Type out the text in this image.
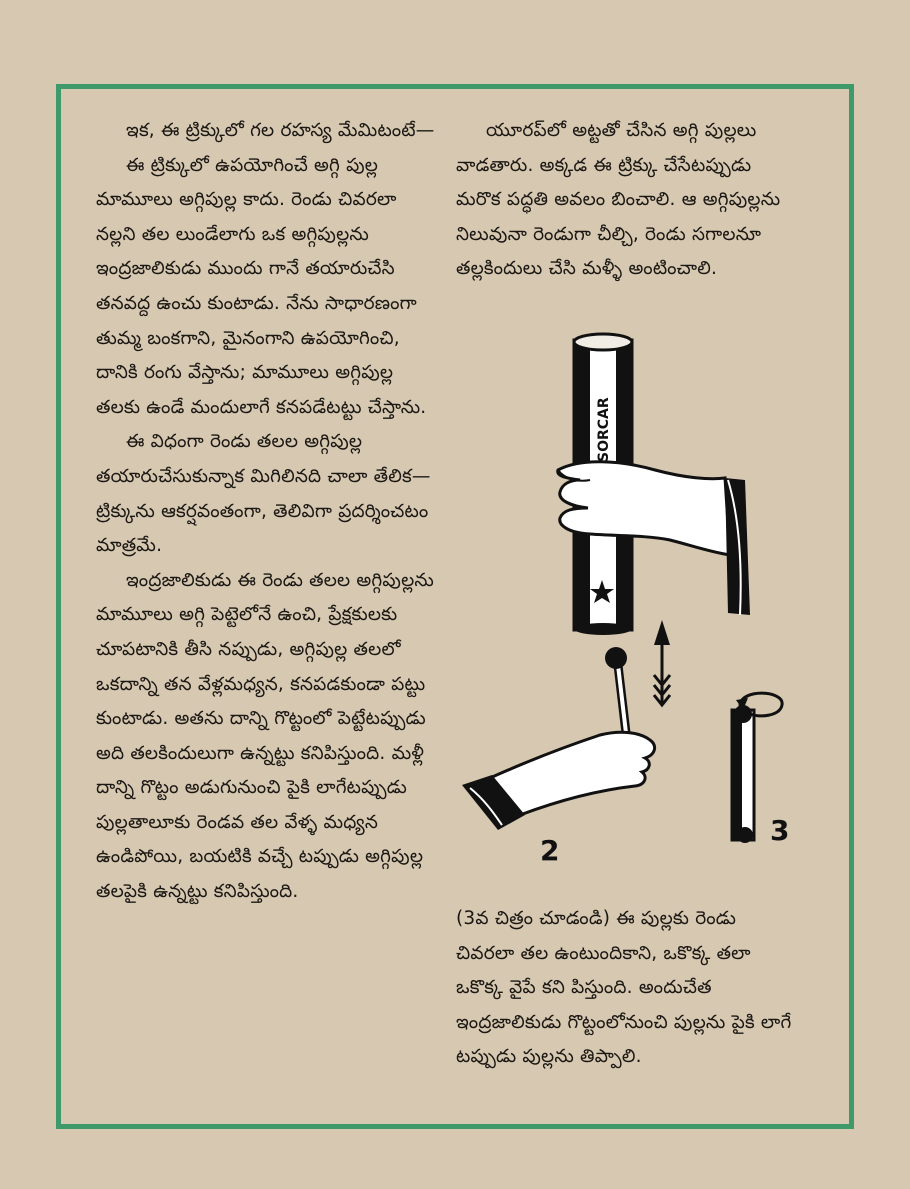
ఇక, ఈ ట్రిక్కులో గల రహస్య మేమిటంటే—

ఈ ట్రిక్కులో ఉపయోగించే అగ్గి పుల్ల మామూలు అగ్గిపుల్ల కాదు. రెండు చివరలా నల్లని తల లుండేలాగు ఒక అగ్గిపుల్లను ఇంద్రజాలికుడు ముందు గానే తయారుచేసి తనవద్ద ఉంచు కుంటాడు. నేను సాధారణంగా తుమ్మ బంకగాని, మైనంగాని ఉపయోగించి, దానికి రంగు వేస్తాను; మామూలు అగ్గిపుల్ల తలకు ఉండే మందులాగే కనపడేటట్టు చేస్తాను.

ఈ విధంగా రెండు తలల అగ్గిపుల్ల తయారుచేసుకున్నాక మిగిలినది చాలా తేలిక—ట్రిక్కును ఆకర్షవంతంగా, తెలివిగా ప్రదర్శించటం మాత్రమే.

ఇంద్రజాలికుడు ఈ రెండు తలల అగ్గిపుల్లను మామూలు అగ్గి పెట్టెలోనే ఉంచి, ప్రేక్షకులకు చూపటానికి తీసి నప్పుడు, అగ్గిపుల్ల తలలో ఒకదాన్ని తన వేళ్లమధ్యన, కనపడకుండా పట్టు కుంటాడు. అతను దాన్ని గొట్టంలో పెట్టేటప్పుడు అది తలకిందులుగా ఉన్నట్టు కనిపిస్తుంది. మళ్లీ దాన్ని గొట్టం అడుగునుంచి పైకి లాగేటప్పుడు పుల్లతాలూకు రెండవ తల వేళ్ళ మధ్యన ఉండిపోయి, బయటికి వచ్చే టప్పుడు అగ్గిపుల్ల తలపైకి ఉన్నట్టు కనిపిస్తుంది.

యూరప్‌లో అట్టతో చేసిన అగ్గి పుల్లలు వాడతారు. అక్కడ ఈ ట్రిక్కు చేసేటప్పుడు మరొక పద్ధతి అవలం బించాలి. ఆ అగ్గిపుల్లను నిలువునా రెండుగా చీల్చి, రెండు సగాలనూ తల్లకిందులు చేసి మళ్ళీ అంటించాలి.

SORCAR
2
3

(3వ చిత్రం చూడండి) ఈ పుల్లకు రెండు చివరలా తల ఉంటుందికాని, ఒకొక్క తలా ఒకొక్క వైపే కని పిస్తుంది. అందుచేత ఇంద్రజాలికుడు గొట్టంలోనుంచి పుల్లను పైకి లాగే టప్పుడు పుల్లను తిప్పాలి.
